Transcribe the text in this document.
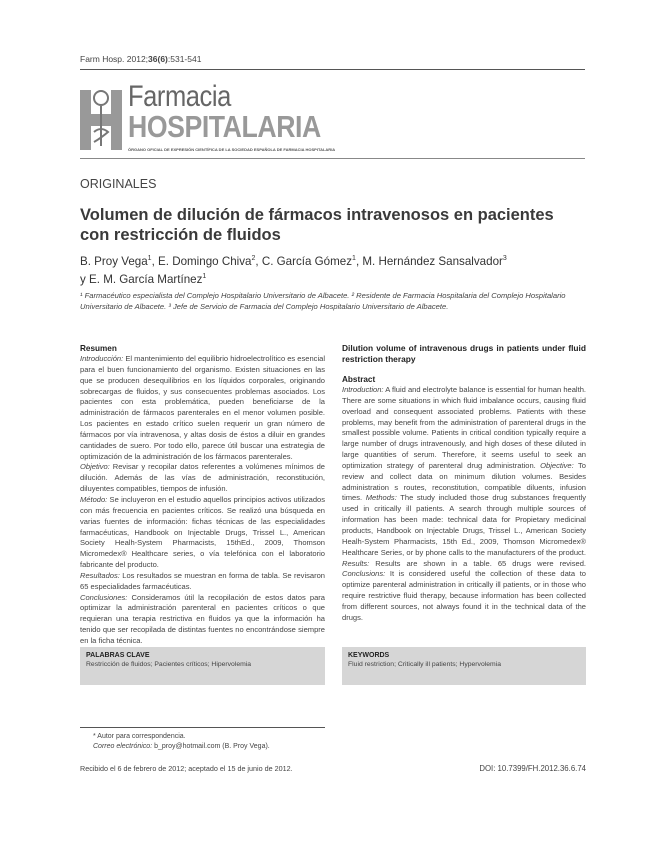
Farm Hosp. 2012;36(6):531-541
Farmacia
HOSPITALARIA
ÓRGANO OFICIAL DE EXPRESIÓN CIENTÍFICA DE LA SOCIEDAD ESPAÑOLA DE FARMACIA HOSPITALARIA
ORIGINALES
Volumen de dilución de fármacos intravenosos en pacientes con restricción de fluidos
B. Proy Vega$^1$, E. Domingo Chiva$^2$, C. García Gómez$^1$, M. Hernández Sansalvador$^3$
y E. M. García Martínez$^1$
¹ Farmacéutico especialista del Complejo Hospitalario Universitario de Albacete. ² Residente de Farmacia Hospitalaria del Complejo Hospitalario Universitario de Albacete. ³ Jefe de Servicio de Farmacia del Complejo Hospitalario Universitario de Albacete.
Resumen

Introducción: El mantenimiento del equilibrio hidroelectrolítico es esencial para el buen funcionamiento del organismo. Existen situaciones en las que se producen desequilibrios en los líquidos corporales, originando sobrecargas de fluidos, y sus consecuentes problemas asociados. Los pacientes con esta problemática, pueden beneficiarse de la administración de fármacos parenterales en el menor volumen posible. Los pacientes en estado crítico suelen requerir un gran número de fármacos por vía intravenosa, y altas dosis de éstos a diluir en grandes cantidades de suero. Por todo ello, parece útil buscar una estrategia de optimización de la administración de los fármacos parenterales.

Objetivo: Revisar y recopilar datos referentes a volúmenes mínimos de dilución. Además de las vías de administración, reconstitución, diluyentes compatibles, tiempos de infusión.

Método: Se incluyeron en el estudio aquellos principios activos utilizados con más frecuencia en pacientes críticos. Se realizó una búsqueda en varias fuentes de información: fichas técnicas de las especialidades farmacéuticas, Handbook on Injectable Drugs, Trissel L., American Society Healh-System Pharmacists, 15thEd., 2009, Thomson Micromedex® Healthcare series, o vía telefónica con el laboratorio fabricante del producto.

Resultados: Los resultados se muestran en forma de tabla. Se revisaron 65 especialidades farmacéuticas.

Conclusiones: Consideramos útil la recopilación de estos datos para optimizar la administración parenteral en pacientes críticos o que requieran una terapia restrictiva en fluidos ya que la información ha tenido que ser recopilada de distintas fuentes no encontrándose siempre en la ficha técnica.

Dilution volume of intravenous drugs in patients under fluid restriction therapy
Abstract

Introduction: A fluid and electrolyte balance is essential for human health. There are some situations in which fluid imbalance occurs, causing fluid overload and consequent associated problems. Patients with these problems, may benefit from the administration of parenteral drugs in the smallest possible volume. Patients in critical condition typically require a large number of drugs intravenously, and high doses of these diluted in large quantities of serum. Therefore, it seems useful to seek an optimization strategy of parenteral drug administration. Objective: To review and collect data on minimum dilution volumes. Besides administration s routes, reconstitution, compatible diluents, infusion times. Methods: The study included those drug substances frequently used in critically ill patients. A search through multiple sources of information has been made: technical data for Propietary medicinal products, Handbook on Injectable Drugs, Trissel L., American Society Healh-System Pharmacists, 15th Ed., 2009, Thomson Micromedex® Healthcare Series, or by phone calls to the manufacturers of the product. Results: Results are shown in a table. 65 drugs were revised. Conclusions: It is considered useful the collection of these data to optimize parenteral administration in critically ill patients, or in those who require restrictive fluid therapy, because information has been collected from different sources, not always found it in the technical data of the drugs.

PALABRAS CLAVE
Restricción de fluidos; Pacientes críticos; Hipervolemia
KEYWORDS
Fluid restriction; Critically ill patients; Hypervolemia
* Autor para correspondencia.
Correo electrónico: b_proy@hotmail.com (B. Proy Vega).
Recibido el 6 de febrero de 2012; aceptado el 15 de junio de 2012.	DOI: 10.7399/FH.2012.36.6.74
